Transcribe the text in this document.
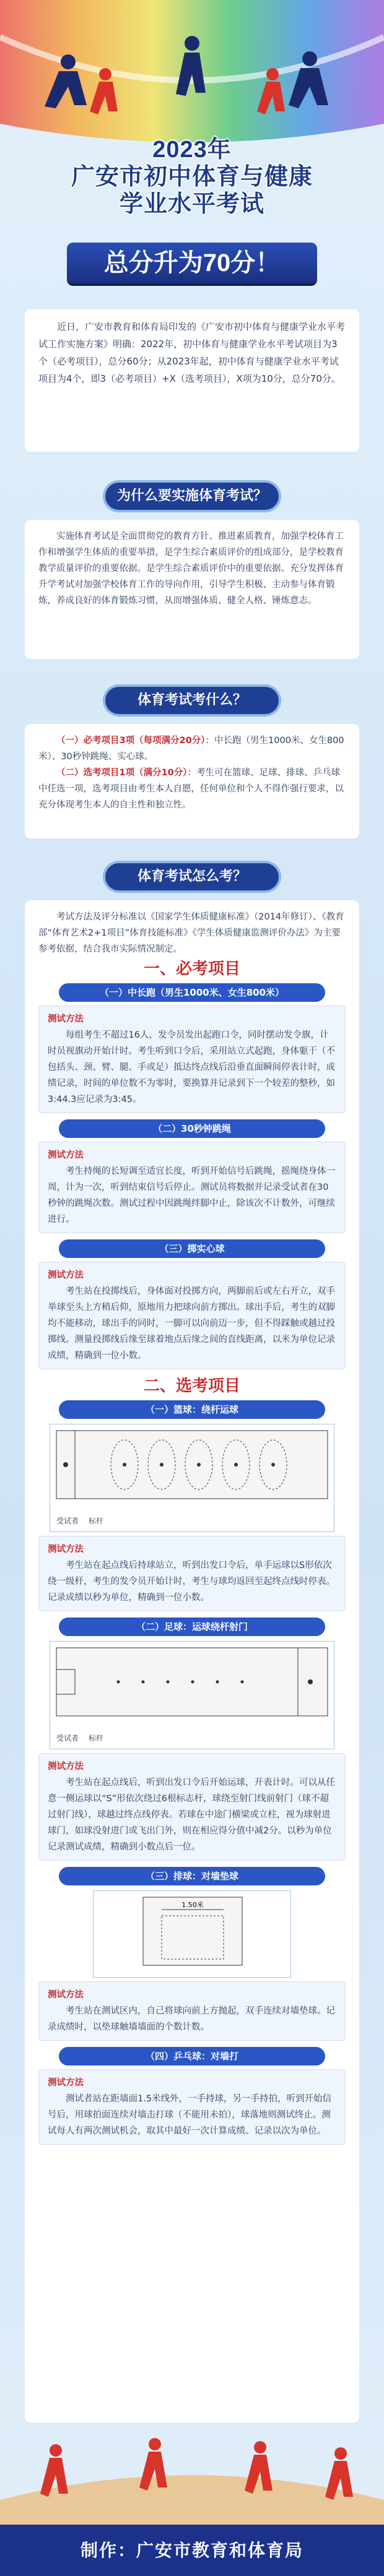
2023年
广安市初中体育与健康
学业水平考试
总分升为70分！
近日，广安市教育和体育局印发的《广安市初中体育与健康学业水平考试工作实施方案》明确：2022年，初中体育与健康学业水平考试项目为3个（必考项目），总分60分；从2023年起，初中体育与健康学业水平考试项目为4个，即3（必考项目）+X（选考项目），X项为10分，总分70分。
为什么要实施体育考试？

实施体育考试是全面贯彻党的教育方针、推进素质教育，加强学校体育工作和增强学生体质的重要举措，是学生综合素质评价的组成部分，是学校教育教学质量评价的重要依据。是学生综合素质评价中的重要依据。充分发挥体育升学考试对加强学校体育工作的导向作用，引导学生积极、主动参与体育锻炼，养成良好的体育锻炼习惯，从而增强体质、健全人格、锤炼意志。

体育考试考什么？

（一）必考项目3项（每项满分20分）：中长跑（男生1000米、女生800米）、30秒钟跳绳、实心球。

（二）选考项目1项（满分10分）：考生可在篮球、足球、排球、乒乓球中任选一项，选考项目由考生本人自愿，任何单位和个人不得作强行要求，以充分体现考生本人的自主性和独立性。

体育考试怎么考？

考试方法及评分标准以《国家学生体质健康标准》（2014年修订）、《教育部“体育艺术2+1项目”体育技能标准》《学生体质健康监测评价办法》为主要参考依据，结合我市实际情况制定。

一、必考项目
（一）中长跑（男生1000米、女生800米）

测试方法

每组考生不超过16人，发令员发出起跑口令，同时摆动发令旗，计时员视旗动开始计时。考生听到口令后，采用站立式起跑，身体躯干（不包括头、颈、臂、腿、手或足）抵达终点线后沿垂直面瞬间停表计时，成绩记录，时间的单位数不为零时，要换算并记录到下一个较差的整秒，如3:44.3应记录为3:45。

（二）30秒钟跳绳

测试方法

考生持绳的长短调至适宜长度，听到开始信号后跳绳，摇绳绕身体一周，计为一次，听到结束信号后停止。测试员将数据并记录受试者在30秒钟的跳绳次数。测试过程中因跳绳绊脚中止，除该次不计数外，可继续进行。

（三）掷实心球

测试方法

考生站在投掷线后，身体面对投掷方向，两脚前后或左右开立，双手举球至头上方稍后仰，原地用力把球向前方掷出。球出手后，考生的双脚均不能移动，球出手的同时，一脚可以向前迈一步，但不得踩触或越过投掷线。测量投掷线后缘至球着地点后缘之间的直线距离，以米为单位记录成绩，精确到一位小数。

二、选考项目
（一）篮球：绕杆运球
受试者 标杆

测试方法

考生站在起点线后持球站立，听到出发口令后，单手运球以S形依次绕一级杆，考生的发令员开始计时，考生与球均返回至起终点线时停表。记录成绩以秒为单位，精确到一位小数。

（二）足球：运球绕杆射门
受试者 标杆

测试方法

考生站在起点线后，听到出发口令后开始运球，开表计时。可以从任意一侧运球以“S”形依次绕过6根标志杆，球绕至射门线前射门（球不超过射门线），球越过终点线停表。若球在中途门横梁或立柱，视为球射进球门，如球没射进门或飞出门外，则在相应得分值中减2分。以秒为单位记录测试成绩，精确到小数点后一位。

（三）排球：对墙垫球
1.50米

测试方法

考生站在测试区内，自己将球向前上方抛起，双手连续对墙垫球。记录成绩时，以垫球触墙墙面的个数计数。

（四）乒乓球：对墙打

测试方法

测试者站在距墙面1.5米线外，一手持球，另一手持拍，听到开始信号后，用球拍面连续对墙击打球（不能用未拍），球落地则测试终止。测试每人有两次测试机会，取其中最好一次计算成绩。记录以次为单位。

制作：广安市教育和体育局
